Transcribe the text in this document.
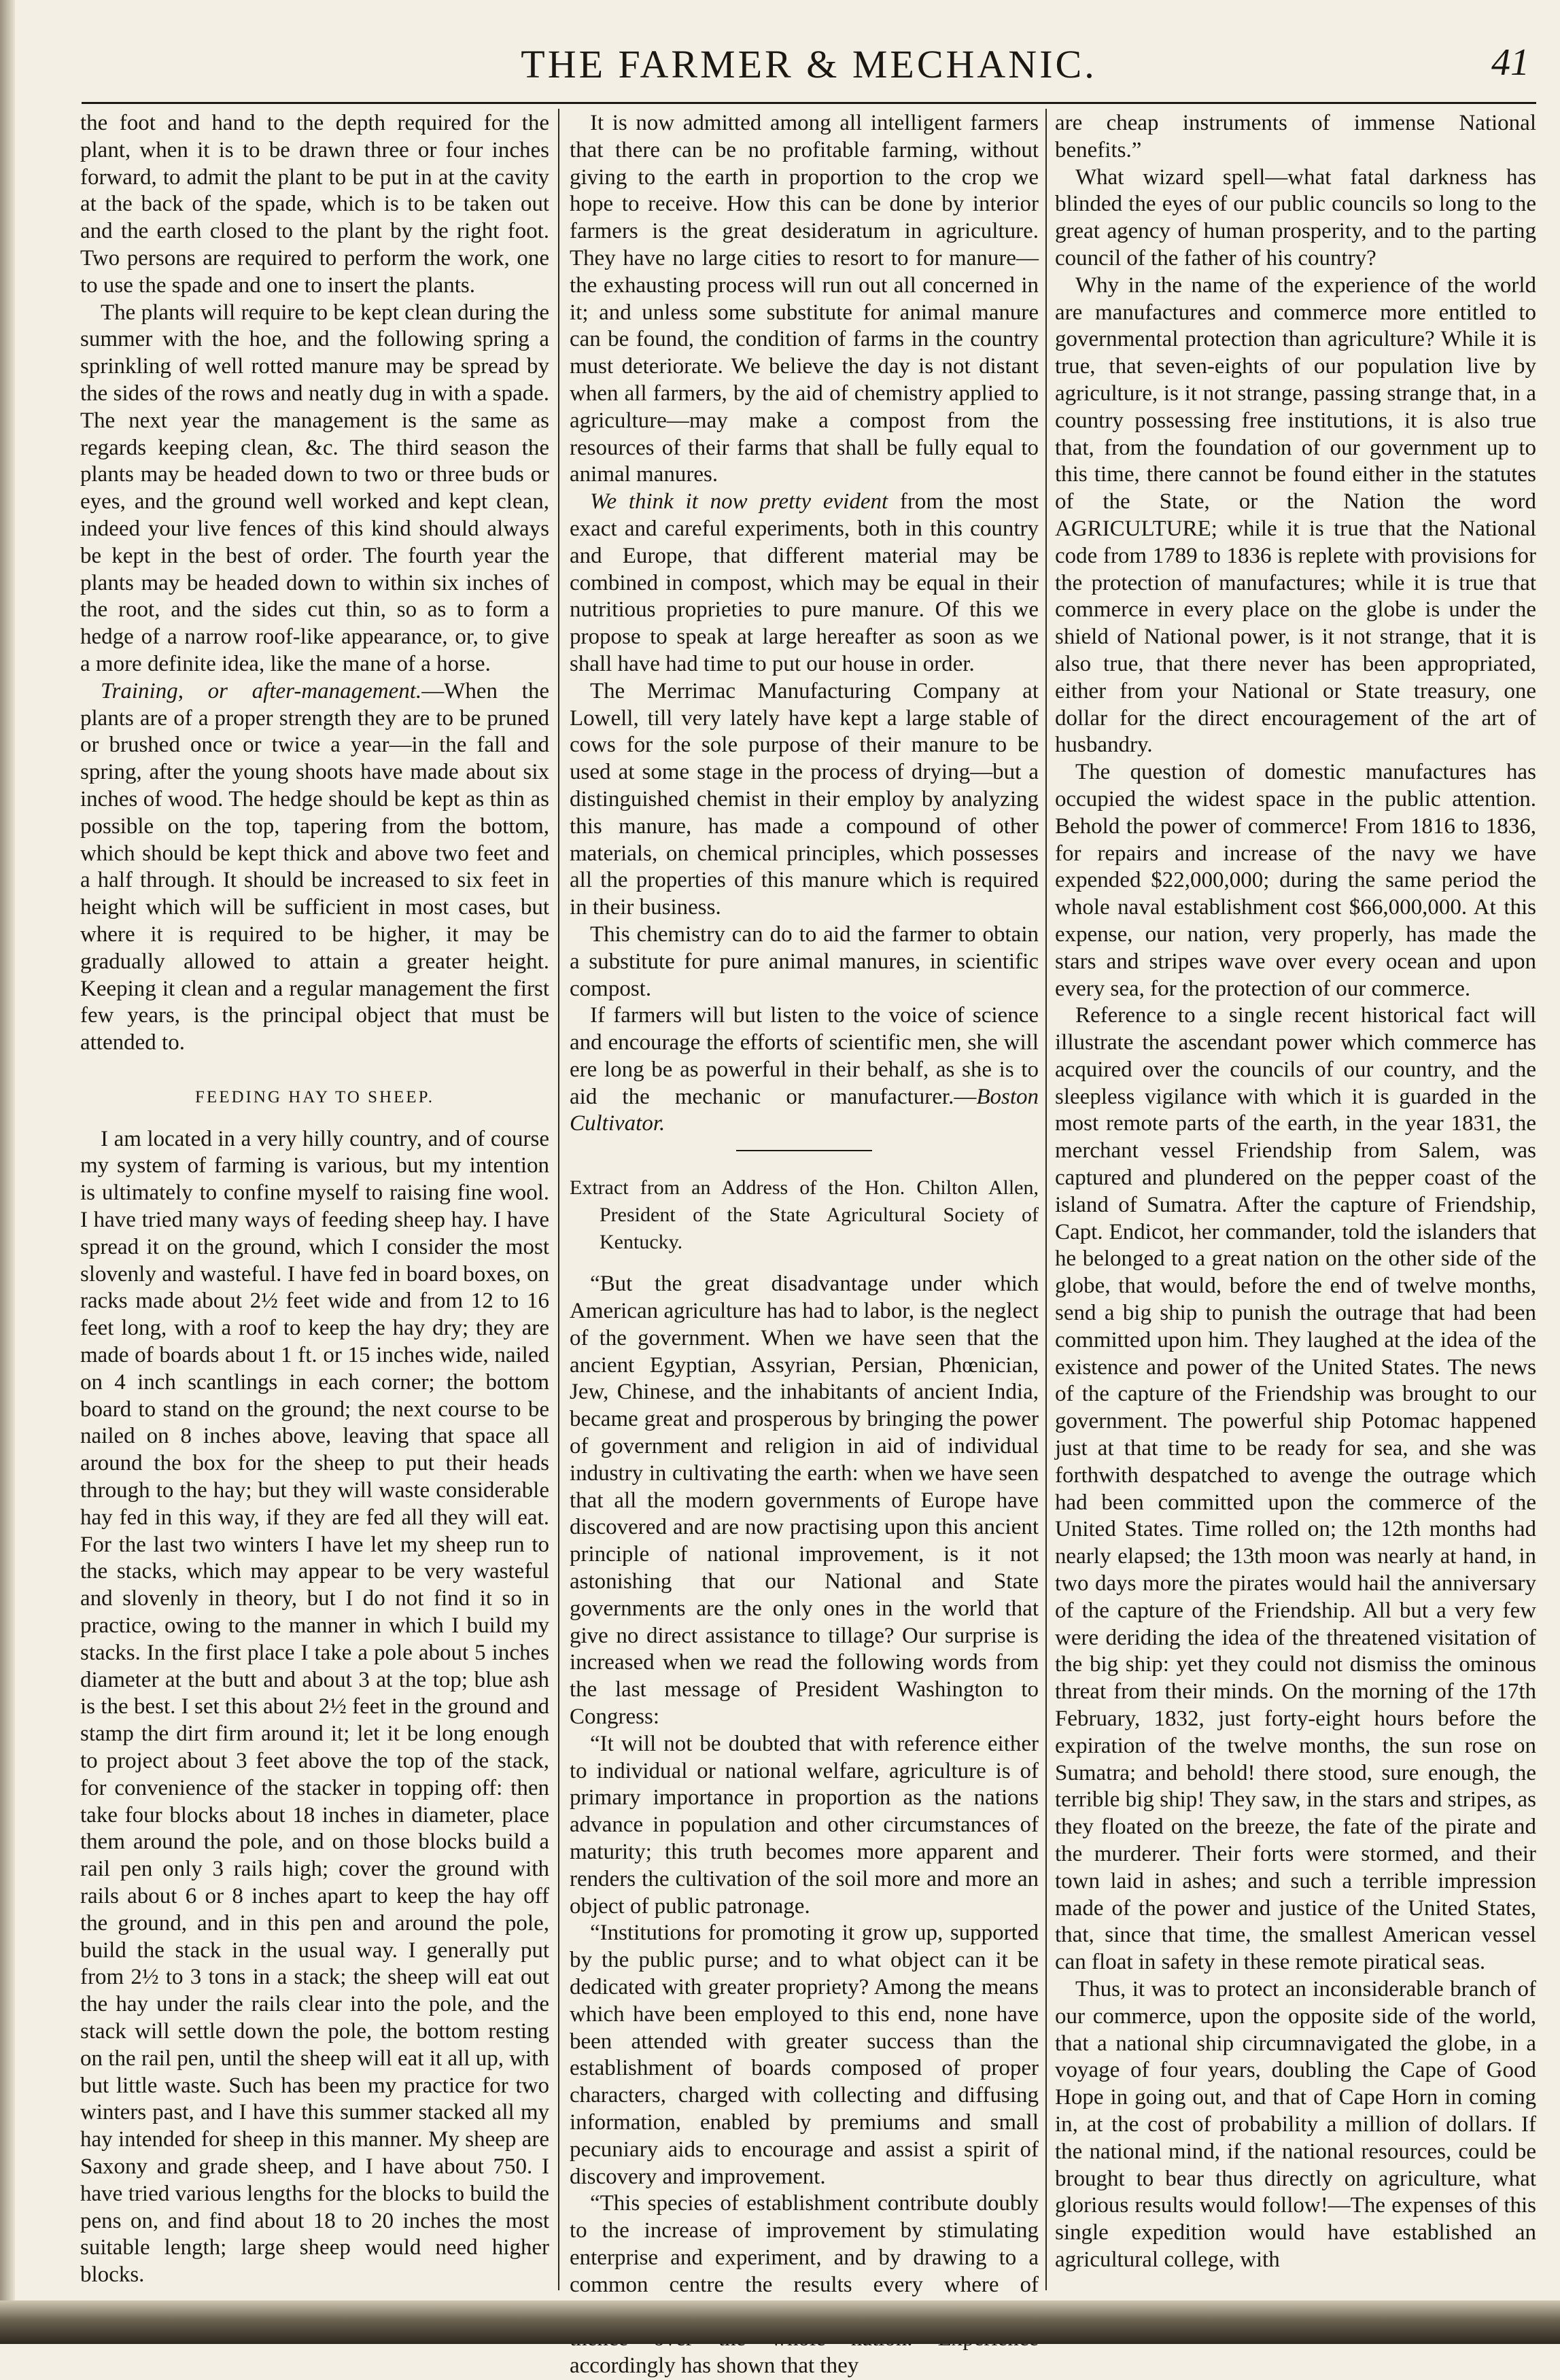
THE FARMER & MECHANIC.	41

the foot and hand to the depth required for the plant, when it is to be drawn three or four inches forward, to admit the plant to be put in at the cavity at the back of the spade, which is to be taken out and the earth closed to the plant by the right foot. Two persons are required to perform the work, one to use the spade and one to insert the plants.

The plants will require to be kept clean during the summer with the hoe, and the following spring a sprinkling of well rotted manure may be spread by the sides of the rows and neatly dug in with a spade. The next year the management is the same as regards keeping clean, &c. The third season the plants may be headed down to two or three buds or eyes, and the ground well worked and kept clean, indeed your live fences of this kind should always be kept in the best of order. The fourth year the plants may be headed down to within six inches of the root, and the sides cut thin, so as to form a hedge of a narrow roof-like appearance, or, to give a more definite idea, like the mane of a horse.

Training, or after-management.—When the plants are of a proper strength they are to be pruned or brushed once or twice a year—in the fall and spring, after the young shoots have made about six inches of wood. The hedge should be kept as thin as possible on the top, tapering from the bottom, which should be kept thick and above two feet and a half through. It should be increased to six feet in height which will be sufficient in most cases, but where it is required to be higher, it may be gradually allowed to attain a greater height. Keeping it clean and a regular management the first few years, is the principal object that must be attended to.

FEEDING HAY TO SHEEP.

I am located in a very hilly country, and of course my system of farming is various, but my intention is ultimately to confine myself to raising fine wool. I have tried many ways of feeding sheep hay. I have spread it on the ground, which I consider the most slovenly and wasteful. I have fed in board boxes, on racks made about 2½ feet wide and from 12 to 16 feet long, with a roof to keep the hay dry; they are made of boards about 1 ft. or 15 inches wide, nailed on 4 inch scantlings in each corner; the bottom board to stand on the ground; the next course to be nailed on 8 inches above, leaving that space all around the box for the sheep to put their heads through to the hay; but they will waste considerable hay fed in this way, if they are fed all they will eat. For the last two winters I have let my sheep run to the stacks, which may appear to be very wasteful and slovenly in theory, but I do not find it so in practice, owing to the manner in which I build my stacks. In the first place I take a pole about 5 inches diameter at the butt and about 3 at the top; blue ash is the best. I set this about 2½ feet in the ground and stamp the dirt firm around it; let it be long enough to project about 3 feet above the top of the stack, for convenience of the stacker in topping off: then take four blocks about 18 inches in diameter, place them around the pole, and on those blocks build a rail pen only 3 rails high; cover the ground with rails about 6 or 8 inches apart to keep the hay off the ground, and in this pen and around the pole, build the stack in the usual way. I generally put from 2½ to 3 tons in a stack; the sheep will eat out the hay under the rails clear into the pole, and the stack will settle down the pole, the bottom resting on the rail pen, until the sheep will eat it all up, with but little waste. Such has been my practice for two winters past, and I have this summer stacked all my hay intended for sheep in this manner. My sheep are Saxony and grade sheep, and I have about 750. I have tried various lengths for the blocks to build the pens on, and find about 18 to 20 inches the most suitable length; large sheep would need higher blocks.

It is now admitted among all intelligent farmers that there can be no profitable farming, without giving to the earth in proportion to the crop we hope to receive. How this can be done by interior farmers is the great desideratum in agriculture. They have no large cities to resort to for manure—the exhausting process will run out all concerned in it; and unless some substitute for animal manure can be found, the condition of farms in the country must deteriorate. We believe the day is not distant when all farmers, by the aid of chemistry applied to agriculture—may make a compost from the resources of their farms that shall be fully equal to animal manures.

We think it now pretty evident from the most exact and careful experiments, both in this country and Europe, that different material may be combined in compost, which may be equal in their nutritious proprieties to pure manure. Of this we propose to speak at large hereafter as soon as we shall have had time to put our house in order.

The Merrimac Manufacturing Company at Lowell, till very lately have kept a large stable of cows for the sole purpose of their manure to be used at some stage in the process of drying—but a distinguished chemist in their employ by analyzing this manure, has made a compound of other materials, on chemical principles, which possesses all the properties of this manure which is required in their business.

This chemistry can do to aid the farmer to obtain a substitute for pure animal manures, in scientific compost.

If farmers will but listen to the voice of science and encourage the efforts of scientific men, she will ere long be as powerful in their behalf, as she is to aid the mechanic or manufacturer.—Boston Cultivator.

Extract from an Address of the Hon. Chilton Allen, President of the State Agricultural Society of Kentucky.

“But the great disadvantage under which American agriculture has had to labor, is the neglect of the government. When we have seen that the ancient Egyptian, Assyrian, Persian, Phœnician, Jew, Chinese, and the inhabitants of ancient India, became great and prosperous by bringing the power of government and religion in aid of individual industry in cultivating the earth: when we have seen that all the modern governments of Europe have discovered and are now practising upon this ancient principle of national improvement, is it not astonishing that our National and State governments are the only ones in the world that give no direct assistance to tillage? Our surprise is increased when we read the following words from the last message of President Washington to Congress:

“It will not be doubted that with reference either to individual or national welfare, agriculture is of primary importance in proportion as the nations advance in population and other circumstances of maturity; this truth becomes more apparent and renders the cultivation of the soil more and more an object of public patronage.

“Institutions for promoting it grow up, supported by the public purse; and to what object can it be dedicated with greater propriety? Among the means which have been employed to this end, none have been attended with greater success than the establishment of boards composed of proper characters, charged with collecting and diffusing information, enabled by premiums and small pecuniary aids to encourage and assist a spirit of discovery and improvement.

“This species of establishment contribute doubly to the increase of improvement by stimulating enterprise and experiment, and by drawing to a common centre the results every where of accordingly has shown that they

are cheap instruments of immense National benefits.”

What wizard spell—what fatal darkness has blinded the eyes of our public councils so long to the great agency of human prosperity, and to the parting council of the father of his country?

Why in the name of the experience of the world are manufactures and commerce more entitled to governmental protection than agriculture? While it is true, that seven-eights of our population live by agriculture, is it not strange, passing strange that, in a country possessing free institutions, it is also true that, from the foundation of our government up to this time, there cannot be found either in the statutes of the State, or the Nation the word AGRICULTURE; while it is true that the National code from 1789 to 1836 is replete with provisions for the protection of manufactures; while it is true that commerce in every place on the globe is under the shield of National power, is it not strange, that it is also true, that there never has been appropriated, either from your National or State treasury, one dollar for the direct encouragement of the art of husbandry.

The question of domestic manufactures has occupied the widest space in the public attention. Behold the power of commerce! From 1816 to 1836, for repairs and increase of the navy we have expended $22,000,000; during the same period the whole naval establishment cost $66,000,000. At this expense, our nation, very properly, has made the stars and stripes wave over every ocean and upon every sea, for the protection of our commerce.

Reference to a single recent historical fact will illustrate the ascendant power which commerce has acquired over the councils of our country, and the sleepless vigilance with which it is guarded in the most remote parts of the earth, in the year 1831, the merchant vessel Friendship from Salem, was captured and plundered on the pepper coast of the island of Sumatra. After the capture of Friendship, Capt. Endicot, her commander, told the islanders that he belonged to a great nation on the other side of the globe, that would, before the end of twelve months, send a big ship to punish the outrage that had been committed upon him. They laughed at the idea of the existence and power of the United States. The news of the capture of the Friendship was brought to our government. The powerful ship Potomac happened just at that time to be ready for sea, and she was forthwith despatched to avenge the outrage which had been committed upon the commerce of the United States. Time rolled on; the 12th months had nearly elapsed; the 13th moon was nearly at hand, in two days more the pirates would hail the anniversary of the capture of the Friendship. All but a very few were deriding the idea of the threatened visitation of the big ship: yet they could not dismiss the ominous threat from their minds. On the morning of the 17th February, 1832, just forty-eight hours before the expiration of the twelve months, the sun rose on Sumatra; and behold! there stood, sure enough, the terrible big ship! They saw, in the stars and stripes, as they floated on the breeze, the fate of the pirate and the murderer. Their forts were stormed, and their town laid in ashes; and such a terrible impression made of the power and justice of the United States, that, since that time, the smallest American vessel can float in safety in these remote piratical seas.

Thus, it was to protect an inconsiderable branch of our commerce, upon the opposite side of the world, that a national ship circumnavigated the globe, in a voyage of four years, doubling the Cape of Good Hope in going out, and that of Cape Horn in coming in, at the cost of probability a million of dollars. If the national mind, if the national resources, could be brought to bear thus directly on agriculture, what glorious results would follow!—The expenses of this single expedition would have established an agricultural college, with
